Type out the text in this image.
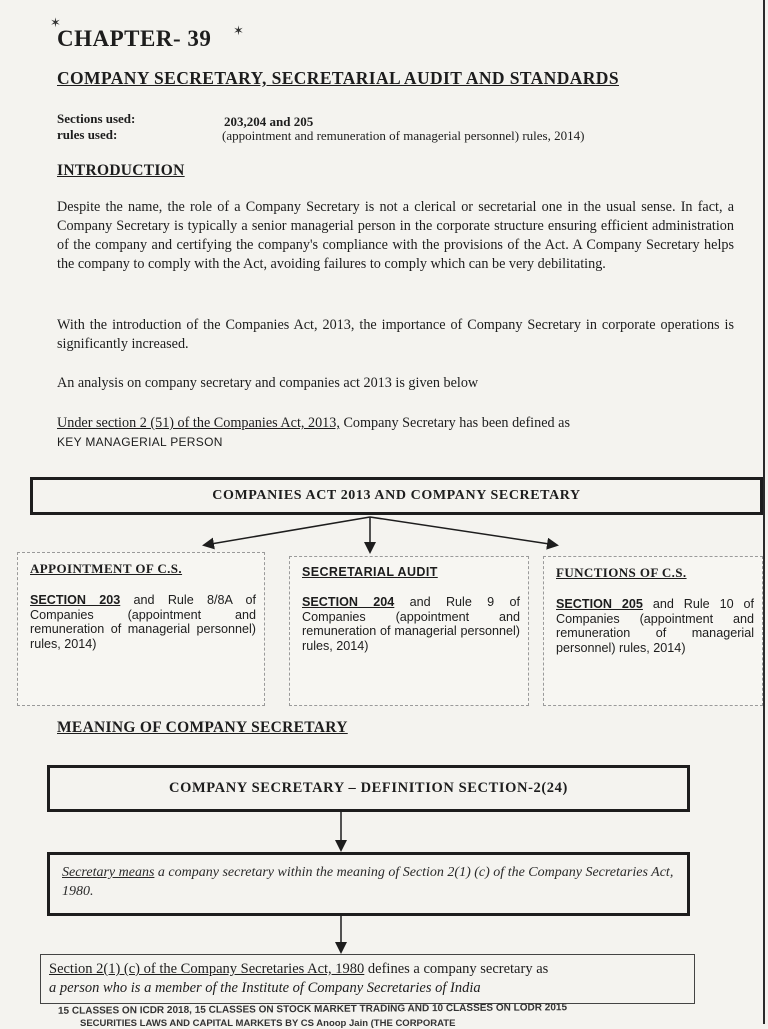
✶
✶
CHAPTER- 39
COMPANY SECRETARY, SECRETARIAL AUDIT AND STANDARDS
Sections used:	203,204 and 205
rules used:	(appointment and remuneration of managerial personnel) rules, 2014)
INTRODUCTION
Despite the name, the role of a Company Secretary is not a clerical or secretarial one in the usual sense. In fact, a Company Secretary is typically a senior managerial person in the corporate structure ensuring efficient administration of the company and certifying the company's compliance with the provisions of the Act. A Company Secretary helps the company to comply with the Act, avoiding failures to comply which can be very debilitating.
With the introduction of the Companies Act, 2013, the importance of Company Secretary in corporate operations is significantly increased.
An analysis on company secretary and companies act 2013 is given below
Under section 2 (51) of the Companies Act, 2013, Company Secretary has been defined as
KEY MANAGERIAL PERSON
COMPANIES ACT 2013 AND COMPANY SECRETARY
APPOINTMENT OF C.S.
SECTION 203 and Rule 8/8A of Companies (appointment and remuneration of managerial personnel) rules, 2014)
SECRETARIAL AUDIT
SECTION 204 and Rule 9 of Companies (appointment and remuneration of managerial personnel) rules, 2014)
FUNCTIONS OF C.S.
SECTION 205 and Rule 10 of Companies (appointment and remuneration of managerial personnel) rules, 2014)
MEANING OF COMPANY SECRETARY
COMPANY SECRETARY – DEFINITION SECTION-2(24)
Secretary means a company secretary within the meaning of Section 2(1) (c) of the Company Secretaries Act, 1980.
Section 2(1) (c) of the Company Secretaries Act, 1980 defines a company secretary as
a person who is a member of the Institute of Company Secretaries of India
15 CLASSES ON ICDR 2018, 15 CLASSES ON STOCK MARKET TRADING AND 10 CLASSES ON LODR 2015
SECURITIES LAWS AND CAPITAL MARKETS BY CS Anoop Jain (THE CORPORATE
